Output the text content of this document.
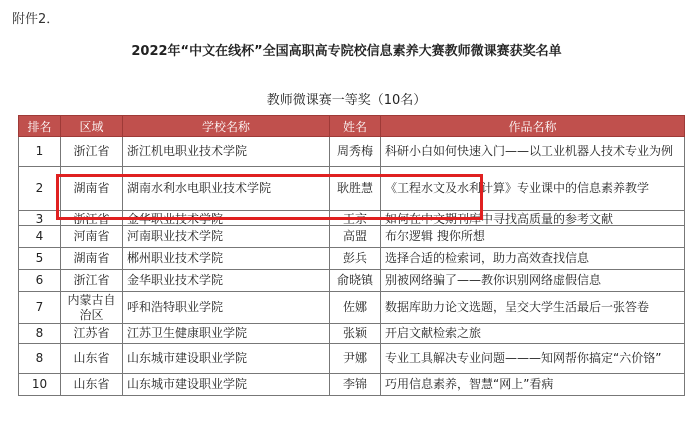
附件2．
2022年“中文在线杯”全国高职高专院校信息素养大赛教师微课赛获奖名单
教师微课赛一等奖（10名）
排名	区域	学校名称	姓名	作品名称

1	浙江省	浙江机电职业技术学院	周秀梅	科研小白如何快速入门——以工业机器人技术专业为例

2	湖南省	湖南水利水电职业技术学院	耿胜慧	《工程水文及水利计算》专业课中的信息素养教学

3	浙江省	金华职业技术学院	王京	如何在中文期刊库中寻找高质量的参考文献

4	河南省	河南职业技术学院	高盟	布尔逻辑 搜你所想

5	湖南省	郴州职业技术学院	彭兵	选择合适的检索词，助力高效查找信息

6	浙江省	金华职业技术学院	俞晓镇	别被网络骗了——教你识别网络虚假信息

7	内蒙古自治区	呼和浩特职业学院	佐娜	数据库助力论文选题，呈交大学生活最后一张答卷

8	江苏省	江苏卫生健康职业学院	张颖	开启文献检索之旅

8	山东省	山东城市建设职业学院	尹娜	专业工具解决专业问题———知网帮你搞定“六价铬”

10	山东省	山东城市建设职业学院	李锦	巧用信息素养，智慧“网上”看病
